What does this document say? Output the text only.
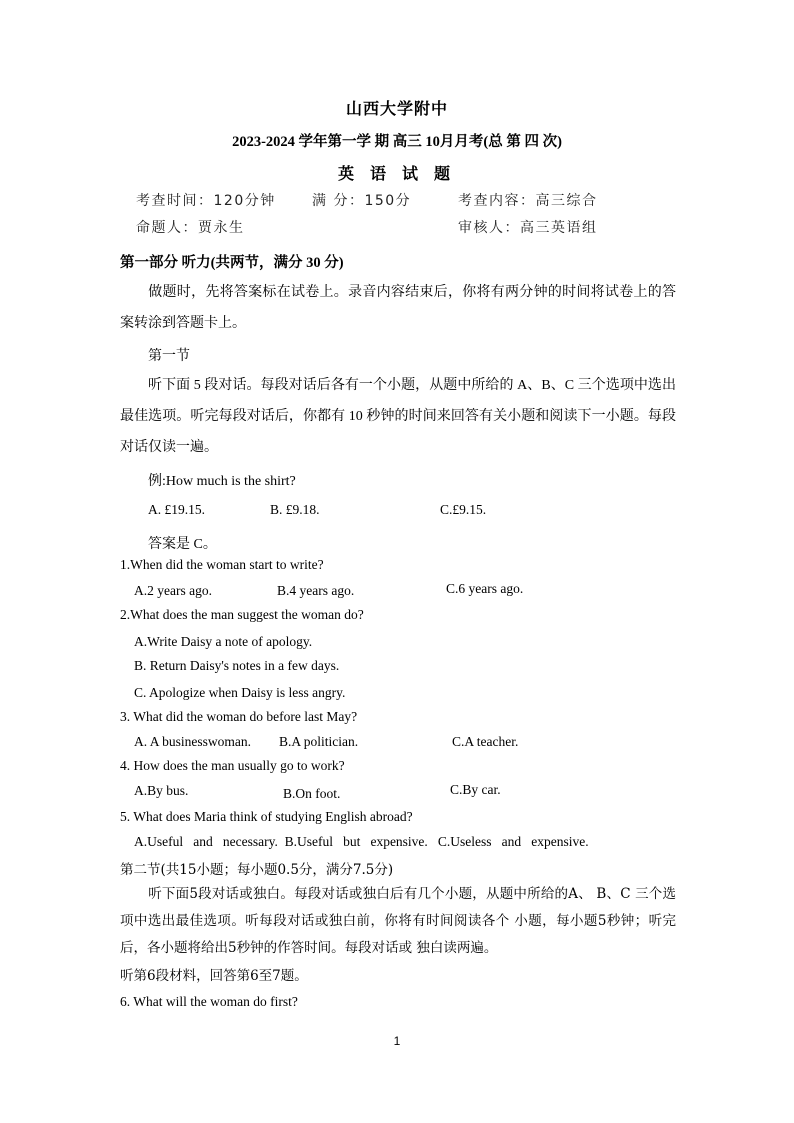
山西大学附中
2023-2024 学年第一学 期 高三 10月月考(总 第 四 次)
英 语 试 题
考查时间：120分钟	满 分：150分	考查内容：高三综合
命题人：贾永生	审核人：高三英语组
第一部分 听力(共两节，满分 30 分)
做题时，先将答案标在试卷上。录音内容结束后，你将有两分钟的时间将试卷上的答案转涂到答题卡上。
第一节
听下面 5 段对话。每段对话后各有一个小题，从题中所给的 A、B、C 三个选项中选出最佳选项。听完每段对话后，你都有 10 秒钟的时间来回答有关小题和阅读下一小题。每段对话仅读一遍。
例:How much is the shirt?
A. £19.15.	B. £9.18.	C.£9.15.
答案是 C。
1.When did the woman start to write?
A.2 years ago.	B.4 years ago.	C.6 years ago.
2.What does the man suggest the woman do?
A.Write Daisy a note of apology.
B. Return Daisy's notes in a few days.
C. Apologize when Daisy is less angry.
3. What did the woman do before last May?
A. A businesswoman. B.A politician.	C.A teacher.
4. How does the man usually go to work?
A.By bus.	B.On foot.	C.By car.
5. What does Maria think of studying English abroad?
A.Useful   and   necessary.  B.Useful   but   expensive.   C.Useless   and   expensive.
第二节(共15小题；每小题0.5分，满分7.5分)
听下面5段对话或独白。每段对话或独白后有几个小题，从题中所给的A、 B、C 三个选项中选出最佳选项。听每段对话或独白前，你将有时间阅读各个 小题，每小题5秒钟；听完后，各小题将给出5秒钟的作答时间。每段对话或 独白读两遍。
听第6段材料，回答第6至7题。
6. What will the woman do first?
1
